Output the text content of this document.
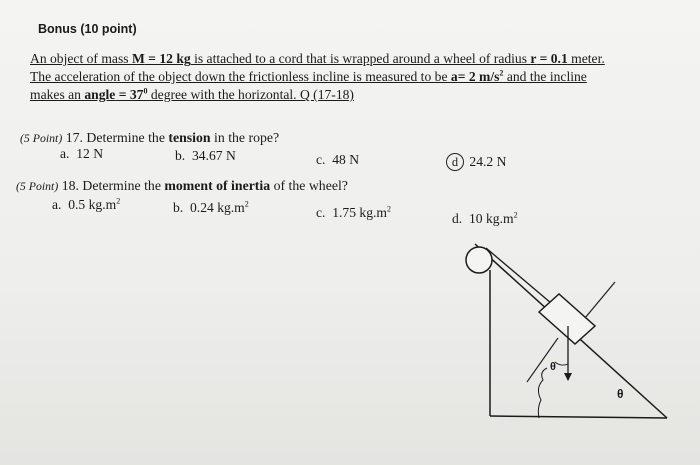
Bonus (10 point)
An object of mass M = 12 kg is attached to a cord that is wrapped around a wheel of radius r = 0.1 meter.
The acceleration of the object down the frictionless incline is measured to be a= 2 $m/s^2$ and the incline
makes an angle = $37^0$ degree with the horizontal. Q (17-18)
(5 Point) 17. Determine the tension in the rope?
a. 12 N	b. 34.67 N	c. 48 N	d 24.2 N
(5 Point) 18. Determine the moment of inertia of the wheel?
a. 0.5 $kg.m^2$	b. 0.24 $kg.m^2$
c. 1.75 $kg.m^2$
d. 10 $kg.m^2$
θ
θ
